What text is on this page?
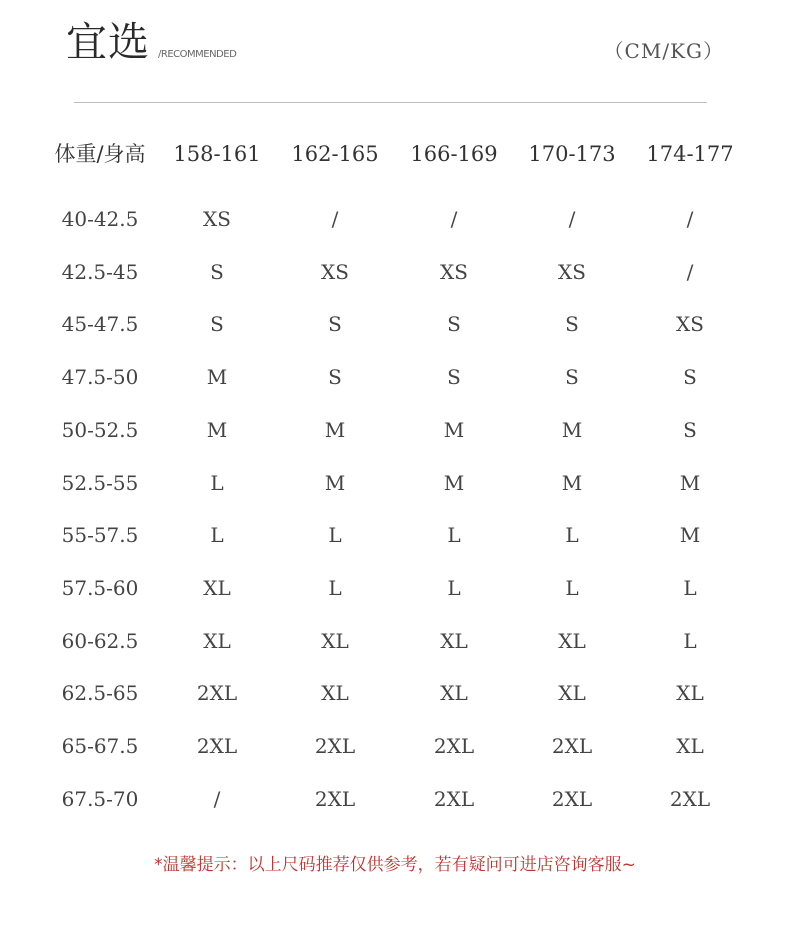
宜选 /RECOMMENDED	（CM/KG）
体重/身高	158-161	162-165	166-169	170-173	174-177
40-42.5	XS	/	/	/	/
42.5-45	S	XS	XS	XS	/
45-47.5	S	S	S	S	XS
47.5-50	M	S	S	S	S
50-52.5	M	M	M	M	S
52.5-55	L	M	M	M	M
55-57.5	L	L	L	L	M
57.5-60	XL	L	L	L	L
60-62.5	XL	XL	XL	XL	L
62.5-65	2XL	XL	XL	XL	XL
65-67.5	2XL	2XL	2XL	2XL	XL
67.5-70	/	2XL	2XL	2XL	2XL
*温馨提示：以上尺码推荐仅供参考，若有疑问可进店咨询客服~
